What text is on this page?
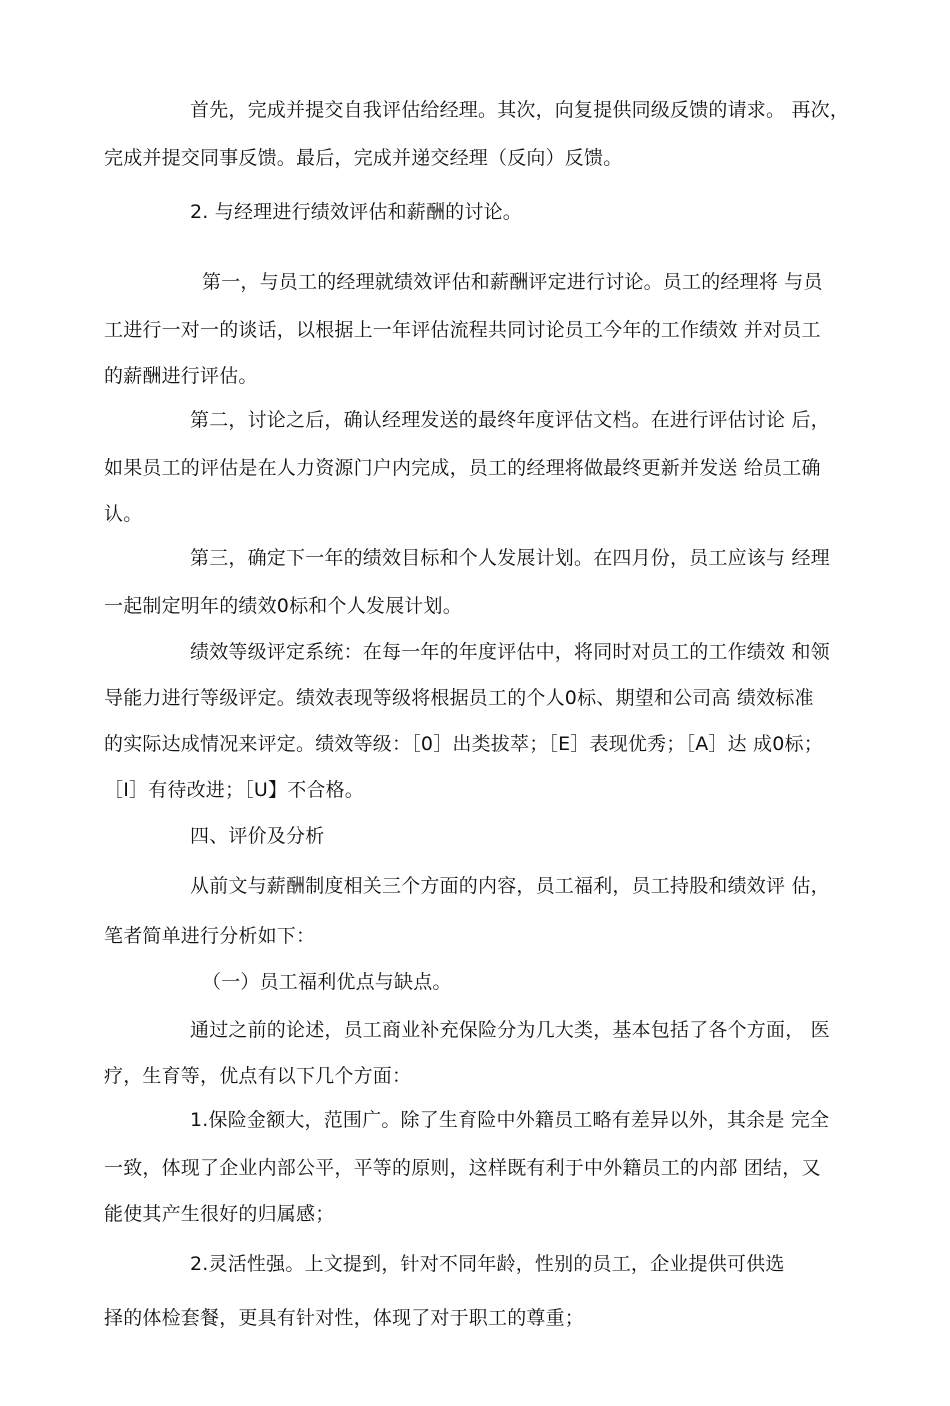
首先，完成并提交自我评估给经理。其次，向复提供同级反馈的请求。 再次，
完成并提交同事反馈。最后，完成并递交经理（反向）反馈。
2. 与经理进行绩效评估和薪酬的讨论。
第一，与员工的经理就绩效评估和薪酬评定进行讨论。员工的经理将 与员
工进行一对一的谈话，以根据上一年评估流程共同讨论员工今年的工作绩效 并对员工
的薪酬进行评估。
第二，讨论之后，确认经理发送的最终年度评估文档。在进行评估讨论 后，
如果员工的评估是在人力资源门户内完成，员工的经理将做最终更新并发送 给员工确
认。
第三，确定下一年的绩效目标和个人发展计划。在四月份，员工应该与 经理
一起制定明年的绩效0标和个人发展计划。
绩效等级评定系统：在每一年的年度评估中，将同时对员工的工作绩效 和领
导能力进行等级评定。绩效表现等级将根据员工的个人0标、期望和公司高 绩效标准
的实际达成情况来评定。绩效等级：［0］出类拔萃；［E］表现优秀；［A］达 成0标；
［I］有待改进；［U】不合格。
四、评价及分析
从前文与薪酬制度相关三个方面的内容，员工福利，员工持股和绩效评 估，
笔者简单进行分析如下：
（一）员工福利优点与缺点。
通过之前的论述，员工商业补充保险分为几大类，基本包括了各个方面， 医
疗，生育等，优点有以下几个方面：
1.保险金额大，范围广。除了生育险中外籍员工略有差异以外，其余是 完全
一致，体现了企业内部公平，平等的原则，这样既有利于中外籍员工的内部 团结，又
能使其产生很好的归属感；
2.灵活性强。上文提到，针对不同年龄，性别的员工，企业提供可供选
择的体检套餐，更具有针对性，体现了对于职工的尊重；
